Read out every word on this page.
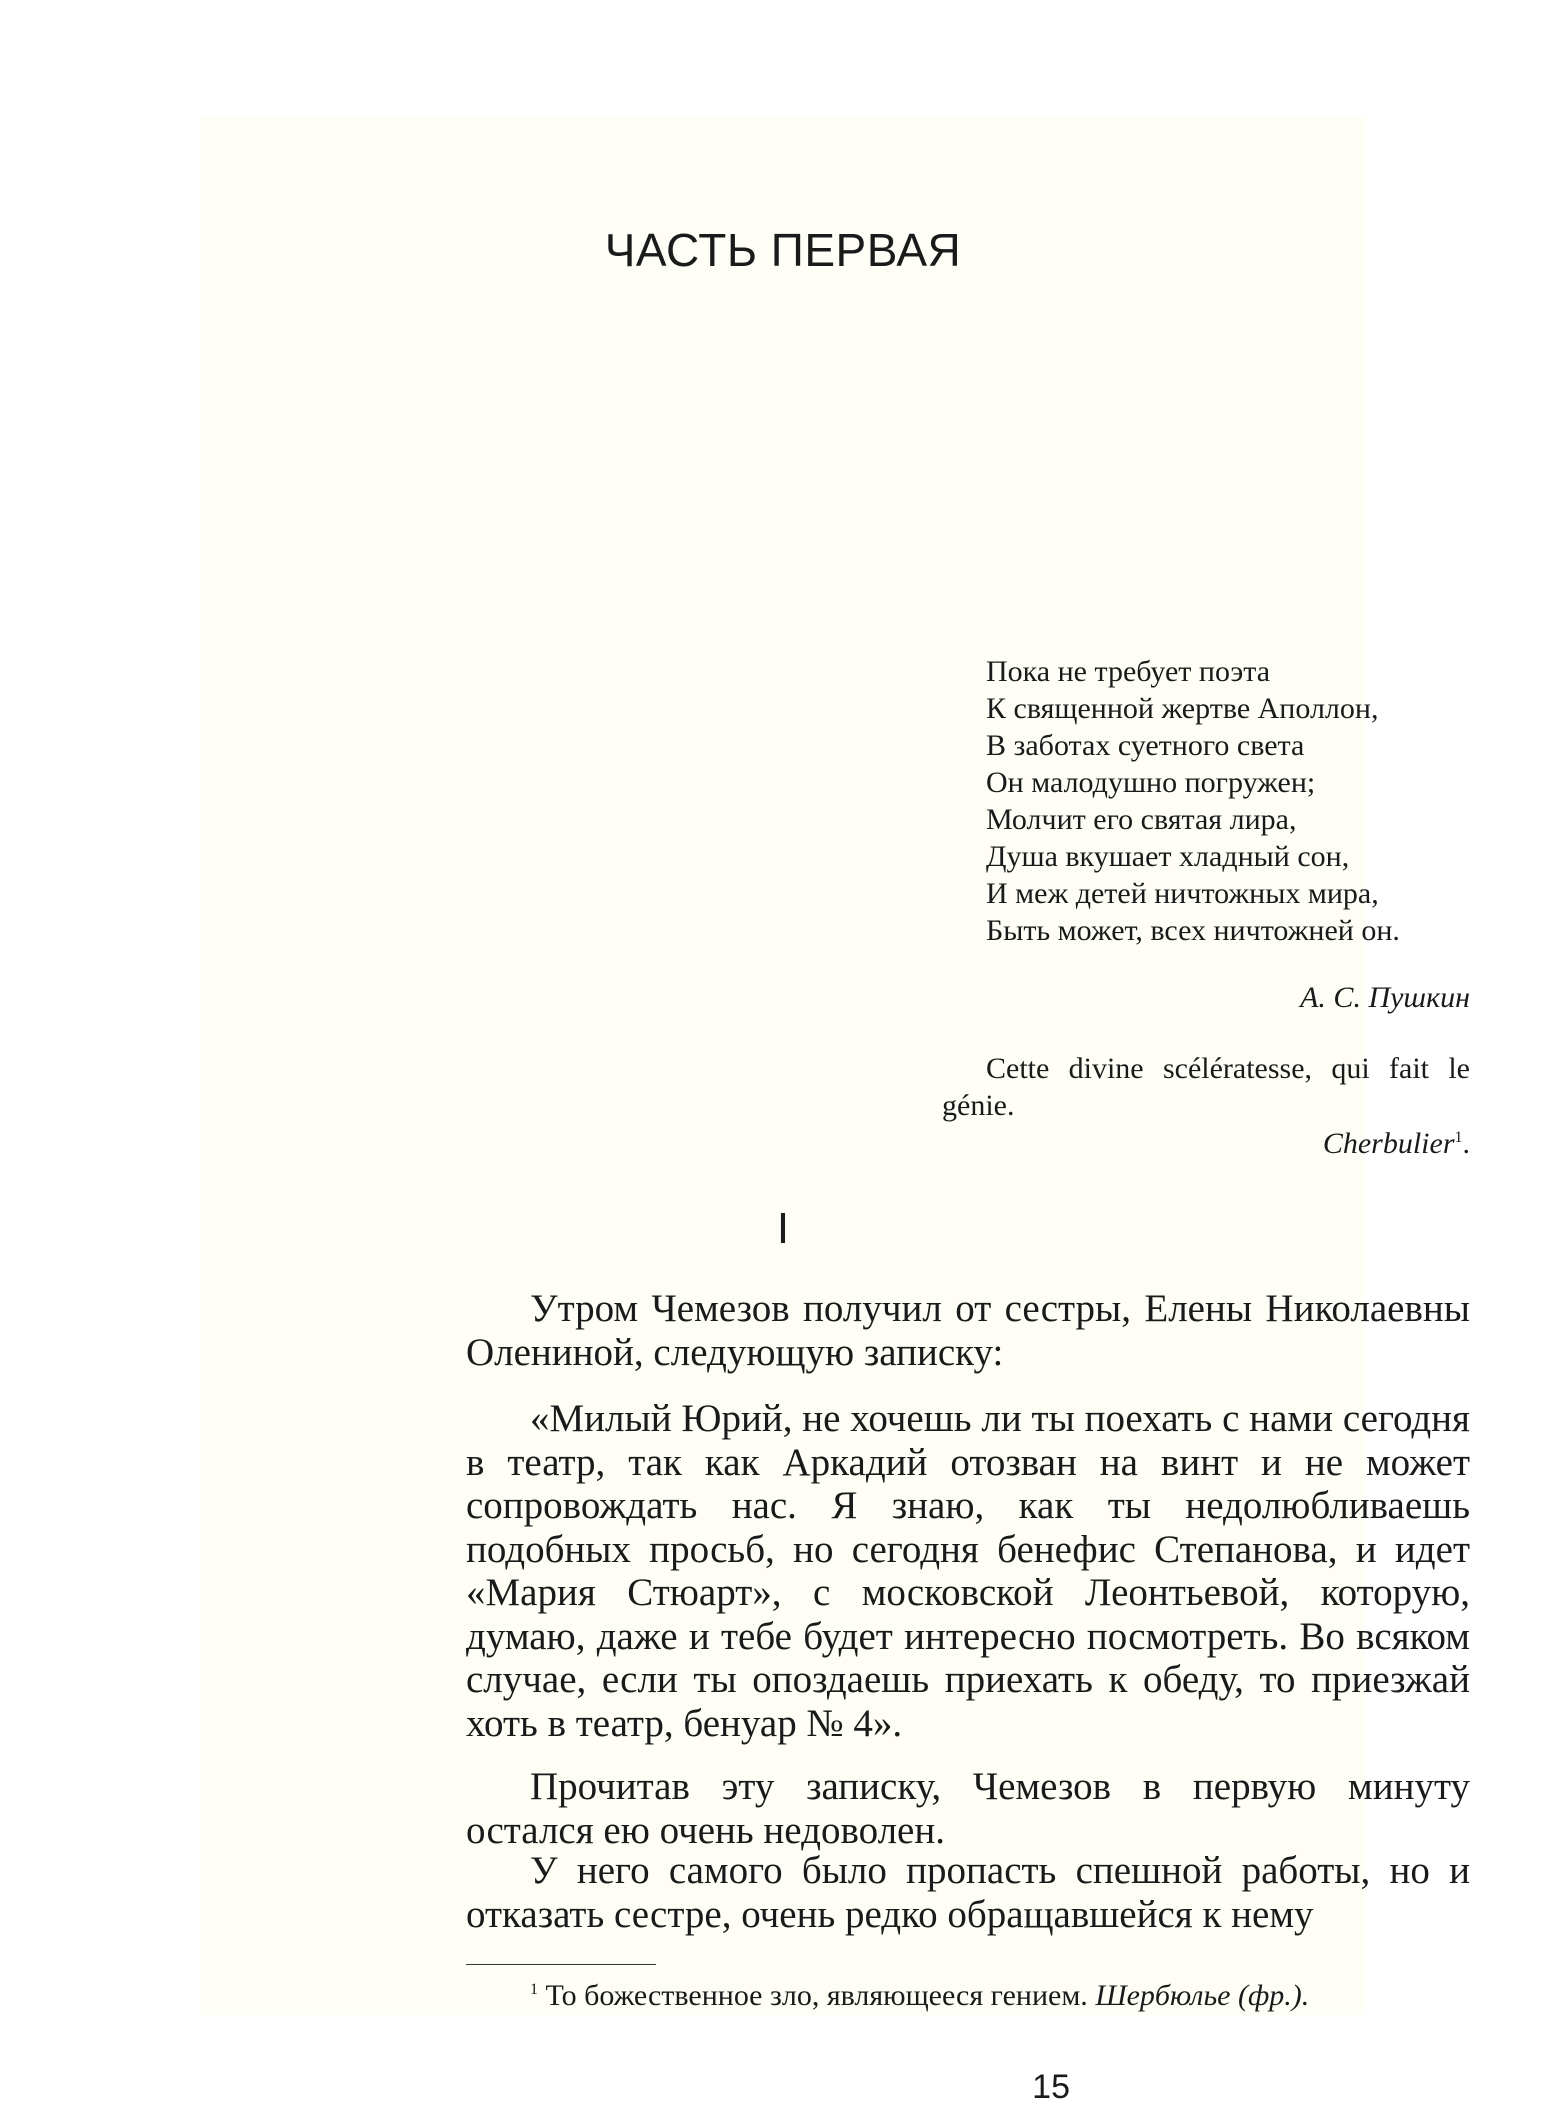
ЧАСТЬ ПЕРВАЯ
Пока не требует поэта
К священной жертве Аполлон,
В заботах суетного света
Он малодушно погружен;
Молчит его святая лира,
Душа вкушает хладный сон,
И меж детей ничтожных мира,
Быть может, всех ничтожней он.
А. С. Пушкин

Cette divine scélératesse, qui fait le génie.

Cherbulier$^1$.
I

Утром Чемезов получил от сестры, Елены Николаевны Олениной, следующую записку:

«Милый Юрий, не хочешь ли ты поехать с нами сегодня в театр, так как Аркадий отозван на винт и не может сопровождать нас. Я знаю, как ты недолюбливаешь подобных просьб, но сегодня бенефис Степанова, и идет «Мария Стюарт», с московской Леонтьевой, которую, думаю, даже и тебе будет интересно посмотреть. Во всяком случае, если ты опоздаешь приехать к обеду, то приезжай хоть в театр, бенуар № 4».

Прочитав эту записку, Чемезов в первую минуту остался ею очень недоволен.

У него самого было пропасть спешной работы, но и отказать сестре, очень редко обращавшейся к нему

$^1$ То божественное зло, являющееся гением. Шербюлье (фр.).

15
